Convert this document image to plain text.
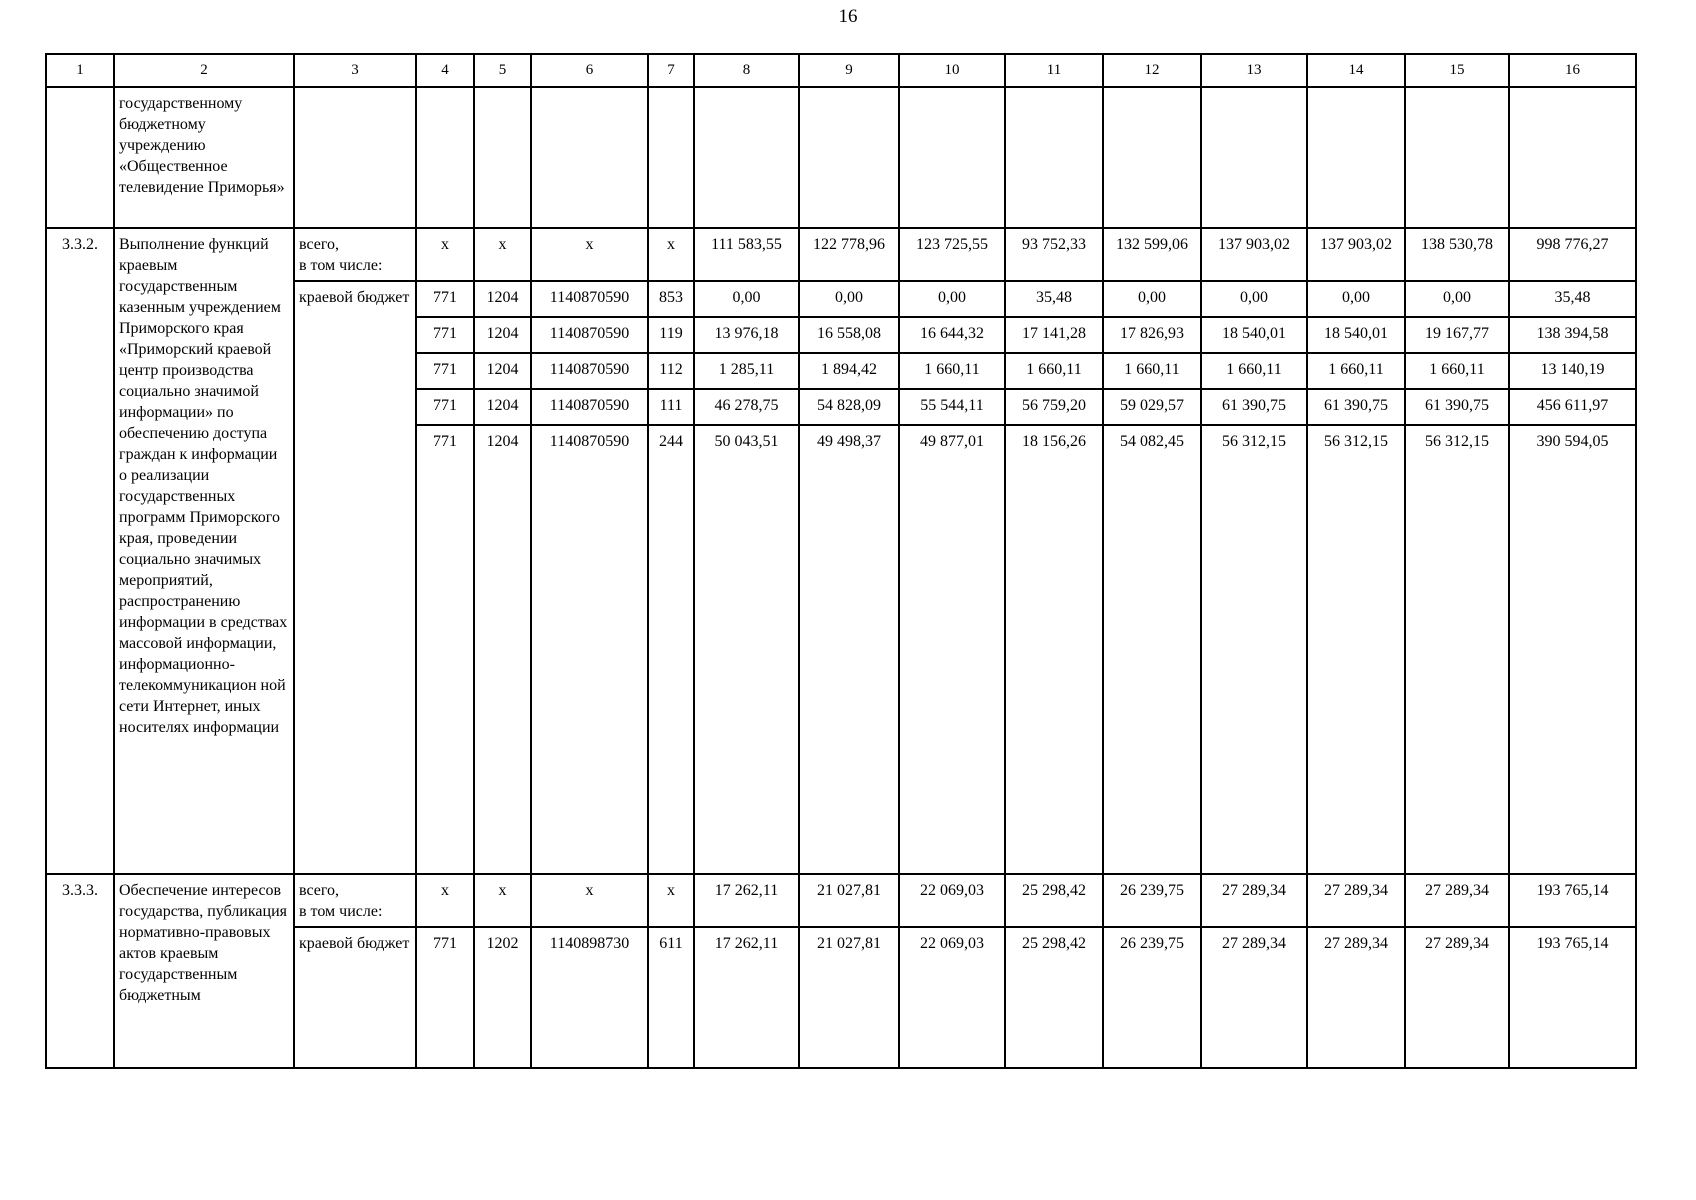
16
1	2	3	4	5	6	7	8	9	10	11	12	13	14	15	16
	государственному бюджетному учреждению «Общественное телевидение Приморья»														
3.3.2.	Выполнение функций краевым государственным казенным учреждением Приморского края «Приморский краевой центр производства социально значимой информации» по обеспечению доступа граждан к информации о реализации государственных программ Приморского края, проведении социально значимых мероприятий, распространению информации в средствах массовой информации, информационно-телекоммуникацион ной сети Интернет, иных носителях информации	всего,
в том числе:	x	x	x	x	111 583,55	122 778,96	123 725,55	93 752,33	132 599,06	137 903,02	137 903,02	138 530,78	998 776,27
		краевой бюджет	771	1204	1140870590	853	0,00	0,00	0,00	35,48	0,00	0,00	0,00	0,00	35,48
			771	1204	1140870590	119	13 976,18	16 558,08	16 644,32	17 141,28	17 826,93	18 540,01	18 540,01	19 167,77	138 394,58
			771	1204	1140870590	112	1 285,11	1 894,42	1 660,11	1 660,11	1 660,11	1 660,11	1 660,11	1 660,11	13 140,19
			771	1204	1140870590	111	46 278,75	54 828,09	55 544,11	56 759,20	59 029,57	61 390,75	61 390,75	61 390,75	456 611,97
			771	1204	1140870590	244	50 043,51	49 498,37	49 877,01	18 156,26	54 082,45	56 312,15	56 312,15	56 312,15	390 594,05
3.3.3.	Обеспечение интересов государства, публикация нормативно-правовых актов краевым государственным бюджетным	всего,
в том числе:	x	x	x	x	17 262,11	21 027,81	22 069,03	25 298,42	26 239,75	27 289,34	27 289,34	27 289,34	193 765,14
		краевой бюджет	771	1202	1140898730	611	17 262,11	21 027,81	22 069,03	25 298,42	26 239,75	27 289,34	27 289,34	27 289,34	193 765,14
